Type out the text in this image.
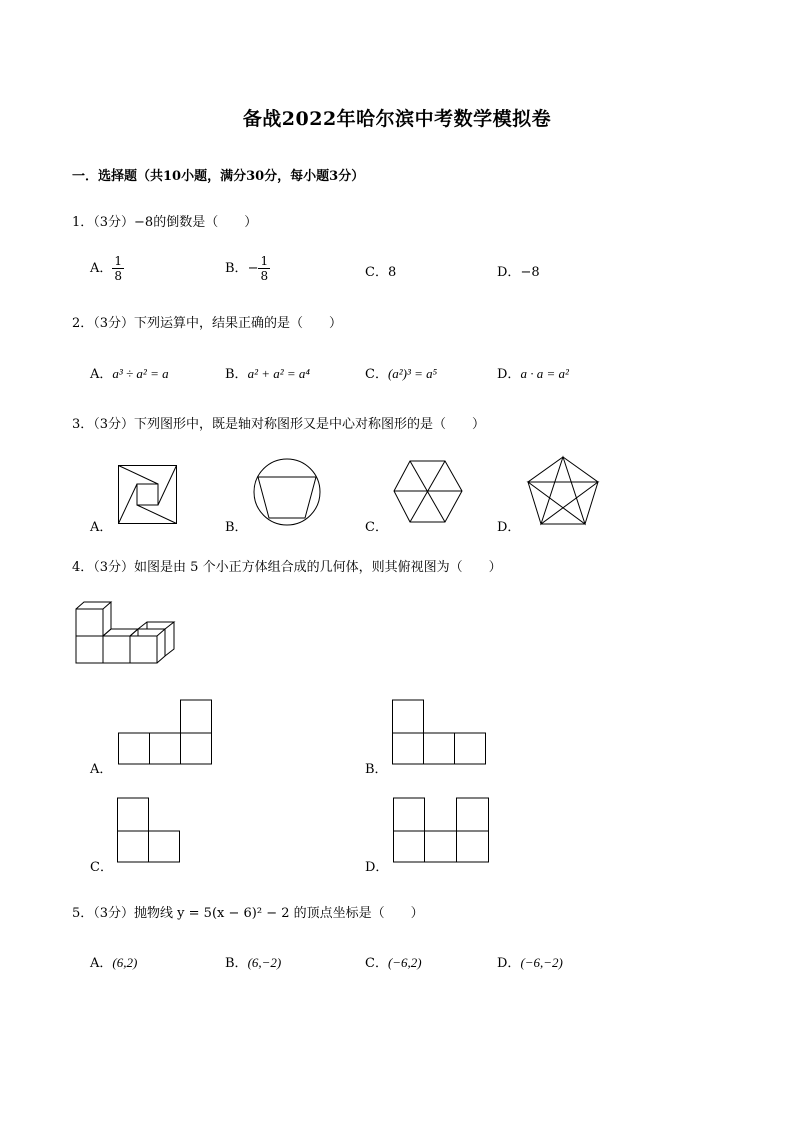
备战2022年哈尔滨中考数学模拟卷
一．选择题（共10小题，满分30分，每小题3分）
1．（3分）−8的倒数是（　　）
A． $\frac{1}{8}$	B．− $\frac{1}{8}$	C．8	D．−8
2．（3分）下列运算中，结果正确的是（　　）
A．a³ ÷ a² = a	B．a² + a² = a⁴	C．(a²)³ = a⁵	D．a · a = a²
3．（3分）下列图形中，既是轴对称图形又是中心对称图形的是（　　）
A．	B．	C．	D．
4．（3分）如图是由 5 个小正方体组合成的几何体，则其俯视图为（　　）
A．	B．
C．	D．
5．（3分）抛物线 y = 5(x − 6)² − 2 的顶点坐标是（　　）
A．(6,2)	B．(6,−2)	C．(−6,2)	D．(−6,−2)
